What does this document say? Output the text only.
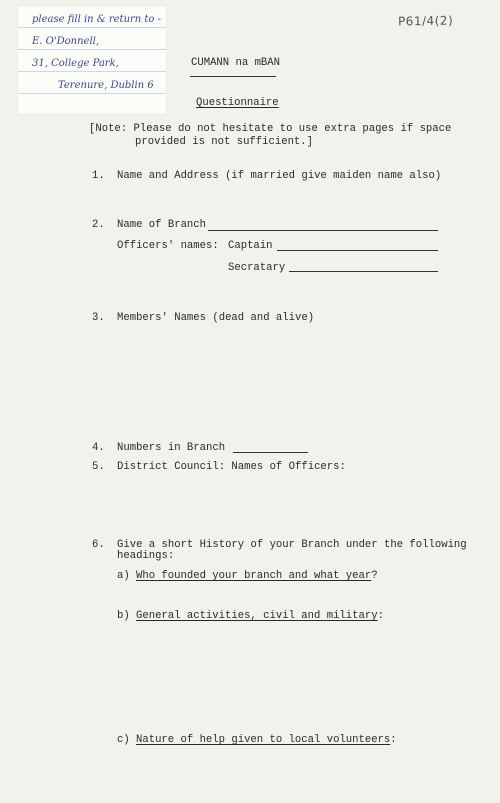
please fill in & return to -
E. O'Donnell,
31, College Park,
Terenure, Dublin 6
P61/4(2)
CUMANN na mBAN
Questionnaire
[Note: Please do not hesitate to use extra pages if space
provided is not sufficient.]
1. Name and Address (if married give maiden name also)
2. Name of Branch
Officers' names: Captain
Secratary
3. Members' Names (dead and alive)
4. Numbers in Branch
5. District Council: Names of Officers:
6. Give a short History of your Branch under the following
headings:
a) Who founded your branch and what year?
b) General activities, civil and military:
c) Nature of help given to local volunteers:
